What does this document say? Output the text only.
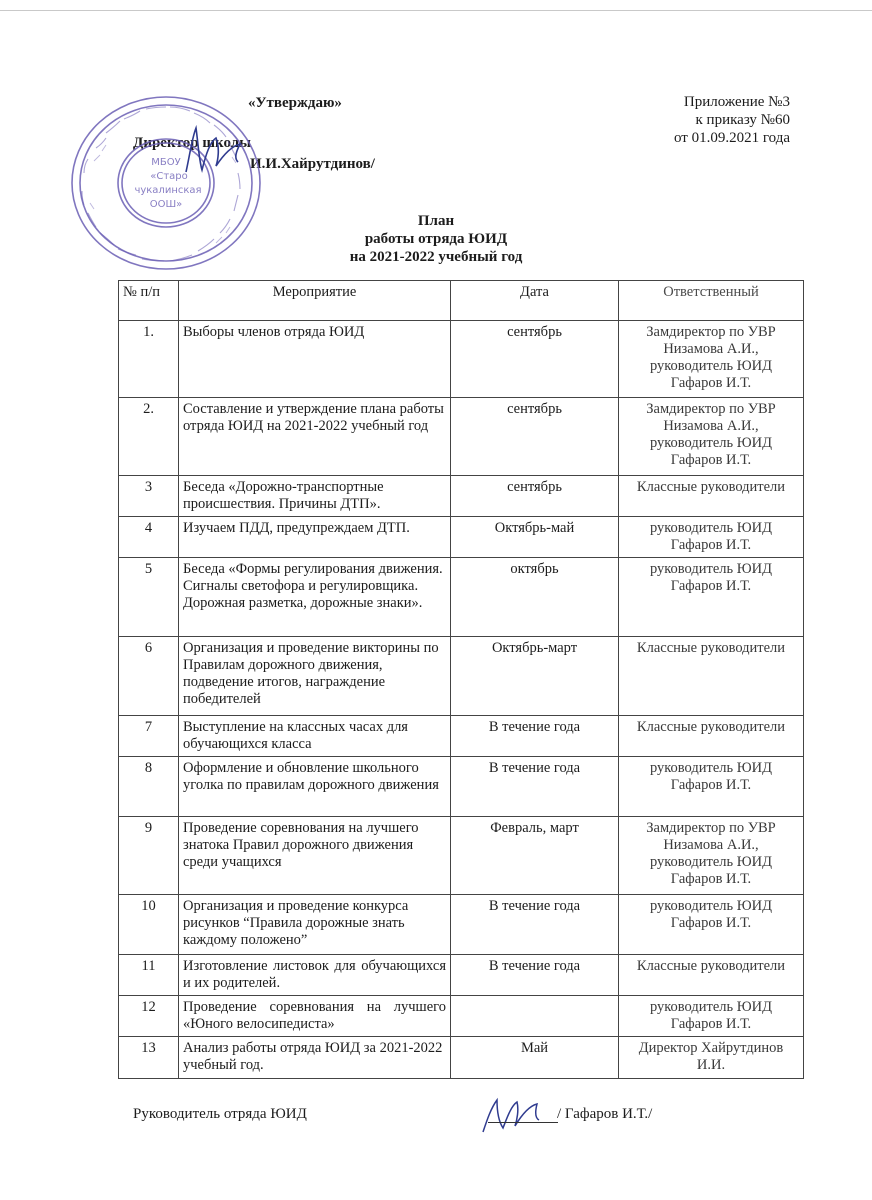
«Утверждаю»
Директор школы
И.И.Хайрутдинов/
Приложение №3
к приказу №60
от 01.09.2021 года
МБОУ
«Старо
чукалинская
ООШ»
План
работы отряда ЮИД
на 2021-2022 учебный год
№ п/п	Мероприятие	Дата	Ответственный
1.	Выборы членов отряда ЮИД	сентябрь	Замдиректор по УВР Низамова А.И., руководитель ЮИД Гафаров И.Т.
2.	Составление и утверждение плана работы отряда ЮИД на 2021-2022 учебный год	сентябрь	Замдиректор по УВР Низамова А.И., руководитель ЮИД Гафаров И.Т.
3	Беседа «Дорожно-транспортные происшествия. Причины ДТП».	сентябрь	Классные руководители
4	Изучаем ПДД, предупреждаем ДТП.	Октябрь-май	руководитель ЮИД Гафаров И.Т.
5	Беседа «Формы регулирования движения. Сигналы светофора и регулировщика. Дорожная разметка, дорожные знаки».	октябрь	руководитель ЮИД Гафаров И.Т.
6	Организация и проведение викторины по Правилам дорожного движения, подведение итогов, награждение победителей	Октябрь-март	Классные руководители
7	Выступление на классных часах для обучающихся класса	В течение года	Классные руководители
8	Оформление и обновление школьного уголка по правилам дорожного движения	В течение года	руководитель ЮИД Гафаров И.Т.
9	Проведение соревнования на лучшего знатока Правил дорожного движения среди учащихся	Февраль, март	Замдиректор по УВР Низамова А.И., руководитель ЮИД Гафаров И.Т.
10	Организация и проведение конкурса рисунков “Правила дорожные знать каждому положено”	В течение года	руководитель ЮИД Гафаров И.Т.
11	Изготовление листовок для обучающихся и их родителей.	В течение года	Классные руководители
12	Проведение соревнования на лучшего «Юного велосипедиста»		руководитель ЮИД Гафаров И.Т.
13	Анализ работы отряда ЮИД за 2021-2022 учебный год.	Май	Директор Хайрутдинов И.И.
Руководитель отряда ЮИД	/ Гафаров И.Т./
